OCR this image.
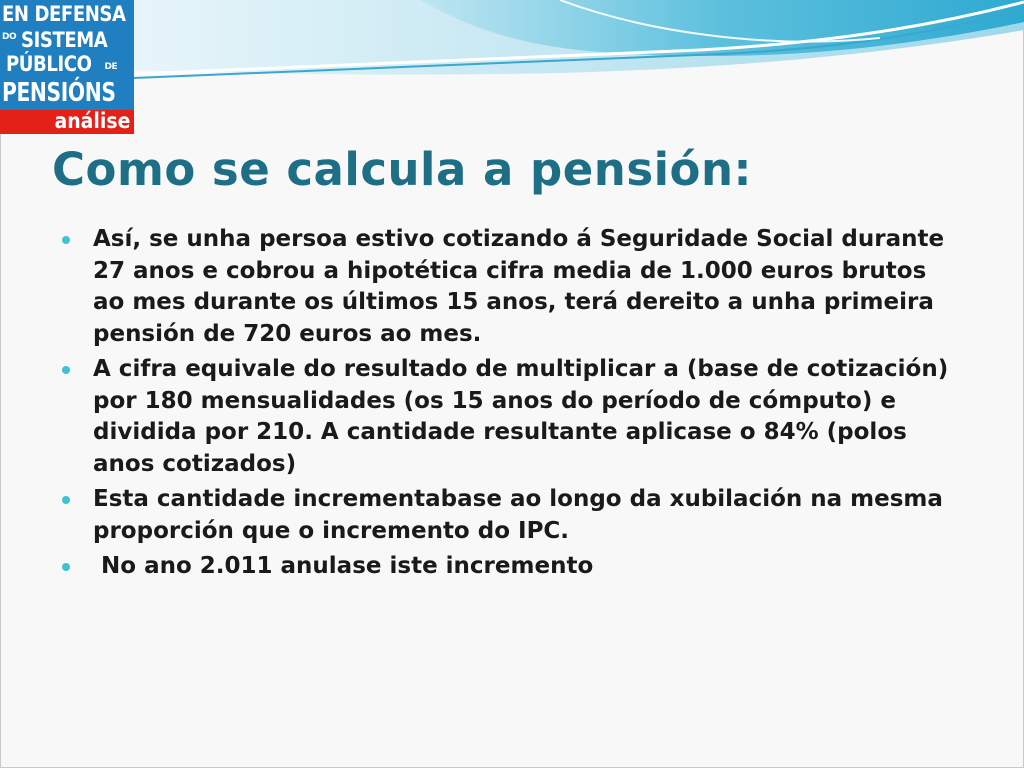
EN DEFENSA
$^{DO}$ SISTEMA
PÚBLICO DE
PENSIÓNS
análise
Como se calcula a pensión:
Así, se unha persoa estivo cotizando á Seguridade Social durante 27 anos e cobrou a hipotética cifra media de 1.000 euros brutos ao mes durante os últimos 15 anos, terá dereito a unha primeira pensión de 720 euros ao mes.
A cifra equivale do resultado de multiplicar a (base de cotización) por 180 mensualidades (os 15 anos do período de cómputo) e dividida por 210. A cantidade resultante aplicase o 84% (polos anos cotizados)
Esta cantidade incrementabase ao longo da xubilación na mesma proporción que o incremento do IPC.
No ano 2.011 anulase iste incremento
